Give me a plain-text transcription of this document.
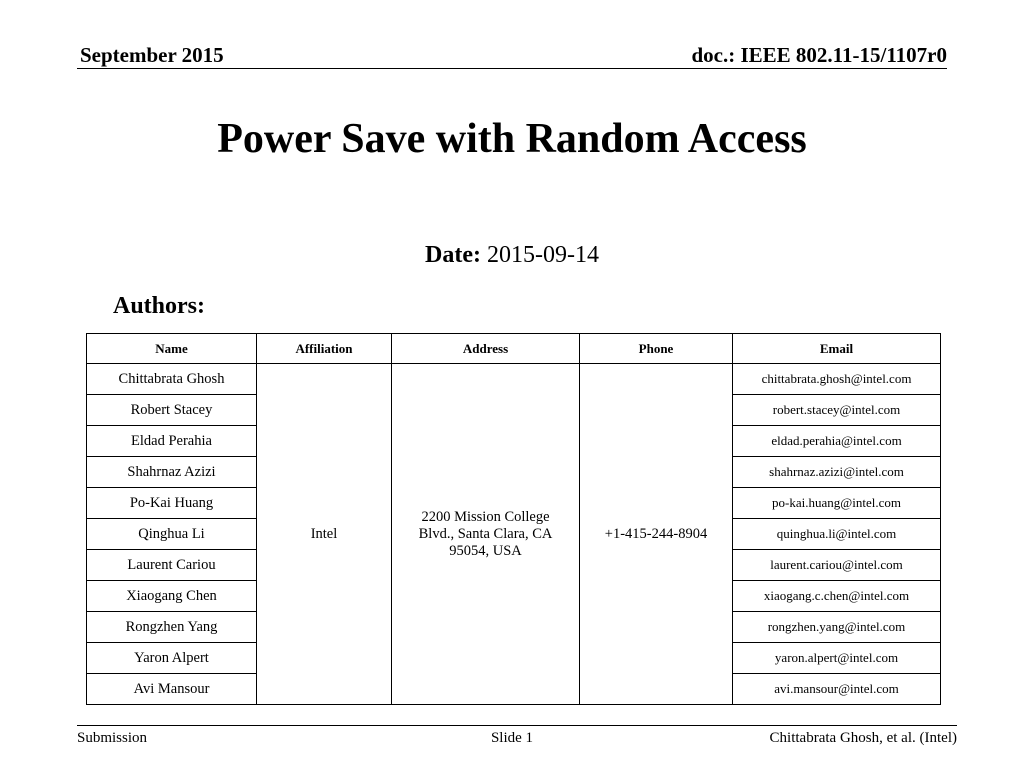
September 2015	doc.: IEEE 802.11-15/1107r0
Power Save with Random Access
Date: 2015-09-14
Authors:
Name	Affiliation	Address	Phone	Email
Chittabrata Ghosh	Intel	2200 Mission College Blvd., Santa Clara, CA 95054, USA	+1-415-244-8904	chittabrata.ghosh@intel.com
Robert Stacey				robert.stacey@intel.com
Eldad Perahia				eldad.perahia@intel.com
Shahrnaz Azizi				shahrnaz.azizi@intel.com
Po-Kai Huang				po-kai.huang@intel.com
Qinghua Li				quinghua.li@intel.com
Laurent Cariou				laurent.cariou@intel.com
Xiaogang Chen				xiaogang.c.chen@intel.com
Rongzhen Yang				rongzhen.yang@intel.com
Yaron Alpert				yaron.alpert@intel.com
Avi Mansour				avi.mansour@intel.com
Submission	Slide 1	Chittabrata Ghosh, et al. (Intel)
